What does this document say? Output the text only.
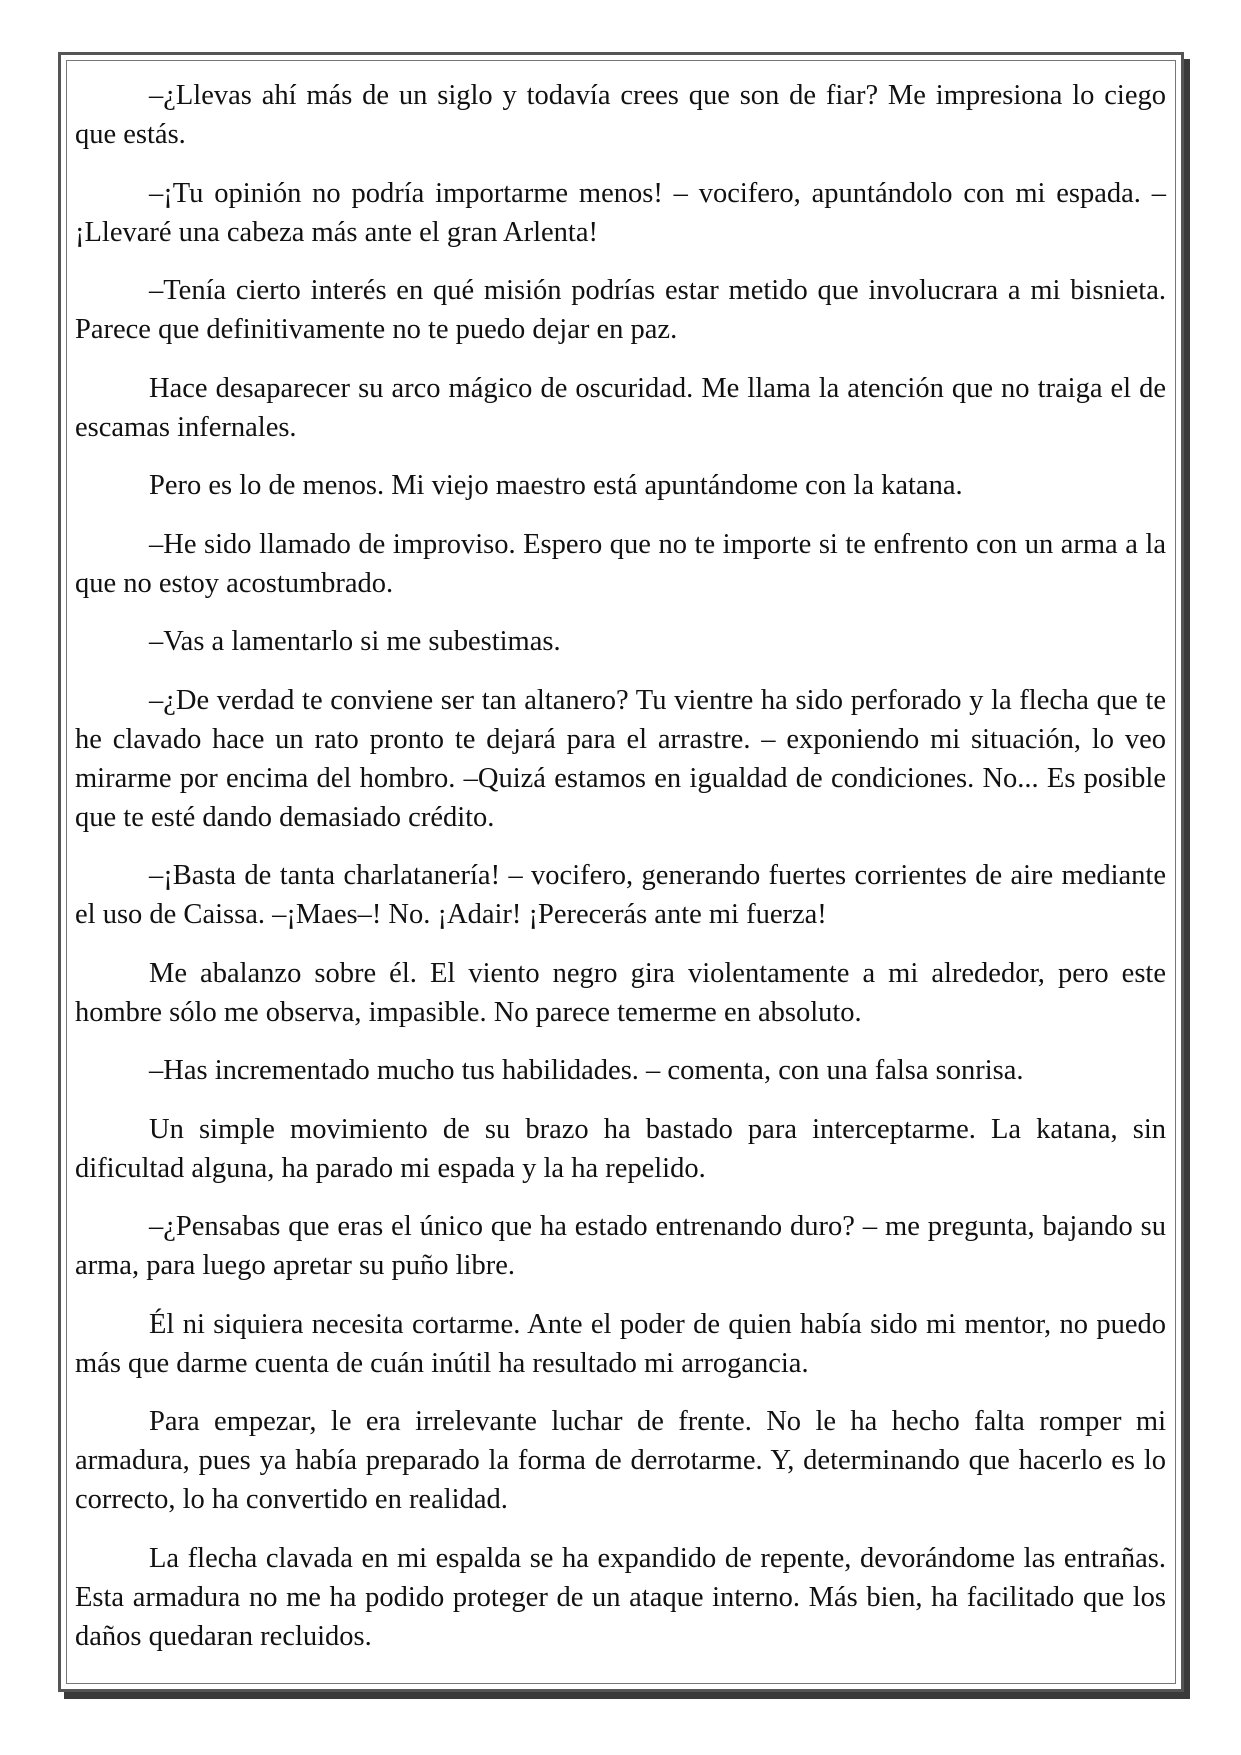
–¿Llevas ahí más de un siglo y todavía crees que son de fiar? Me impresiona lo ciego que estás.

–¡Tu opinión no podría importarme menos! – vocifero, apuntándolo con mi espada. –¡Llevaré una cabeza más ante el gran Arlenta!

–Tenía cierto interés en qué misión podrías estar metido que involucrara a mi bisnieta. Parece que definitivamente no te puedo dejar en paz.

Hace desaparecer su arco mágico de oscuridad. Me llama la atención que no traiga el de escamas infernales.

Pero es lo de menos. Mi viejo maestro está apuntándome con la katana.

–He sido llamado de improviso. Espero que no te importe si te enfrento con un arma a la que no estoy acostumbrado.

–Vas a lamentarlo si me subestimas.

–¿De verdad te conviene ser tan altanero? Tu vientre ha sido perforado y la flecha que te he clavado hace un rato pronto te dejará para el arrastre. – exponiendo mi situación, lo veo mirarme por encima del hombro. –Quizá estamos en igualdad de condiciones. No... Es posible que te esté dando demasiado crédito.

–¡Basta de tanta charlatanería! – vocifero, generando fuertes corrientes de aire mediante el uso de Caissa. –¡Maes–! No. ¡Adair! ¡Perecerás ante mi fuerza!

Me abalanzo sobre él. El viento negro gira violentamente a mi alrededor, pero este hombre sólo me observa, impasible. No parece temerme en absoluto.

–Has incrementado mucho tus habilidades. – comenta, con una falsa sonrisa.

Un simple movimiento de su brazo ha bastado para interceptarme. La katana, sin dificultad alguna, ha parado mi espada y la ha repelido.

–¿Pensabas que eras el único que ha estado entrenando duro? – me pregunta, bajando su arma, para luego apretar su puño libre.

Él ni siquiera necesita cortarme. Ante el poder de quien había sido mi mentor, no puedo más que darme cuenta de cuán inútil ha resultado mi arrogancia.

Para empezar, le era irrelevante luchar de frente. No le ha hecho falta romper mi armadura, pues ya había preparado la forma de derrotarme. Y, determinando que hacerlo es lo correcto, lo ha convertido en realidad.

La flecha clavada en mi espalda se ha expandido de repente, devorándome las entrañas. Esta armadura no me ha podido proteger de un ataque interno. Más bien, ha facilitado que los daños quedaran recluidos.
